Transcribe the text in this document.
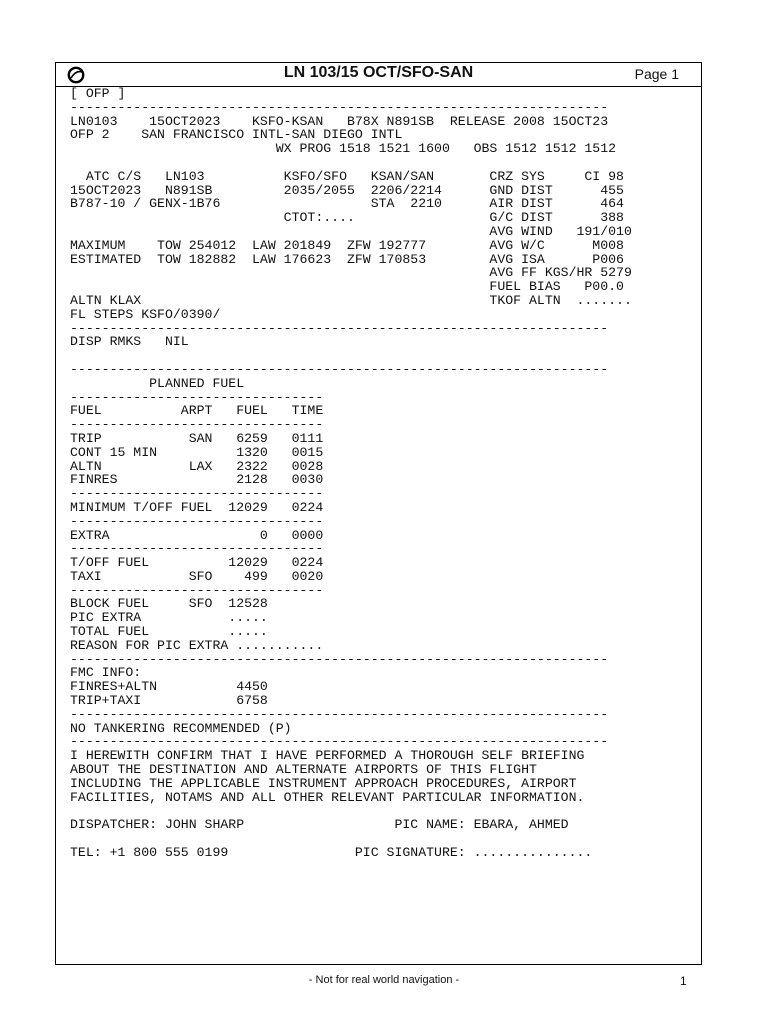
LN 103/15 OCT/SFO-SAN	Page 1
[ OFP ]
--------------------------------------------------------------------
LN0103    15OCT2023    KSFO-KSAN   B78X N891SB  RELEASE 2008 15OCT23
OFP 2    SAN FRANCISCO INTL-SAN DIEGO INTL
WX PROG 1518 1521 1600   OBS 1512 1512 1512
ATC C/S   LN103          KSFO/SFO   KSAN/SAN       CRZ SYS     CI 98
15OCT2023   N891SB         2035/2055  2206/2214      GND DIST      455
B787-10 / GENX-1B76                   STA  2210      AIR DIST      464
CTOT:....                 G/C DIST      388
AVG WIND   191/010
MAXIMUM    TOW 254012  LAW 201849  ZFW 192777        AVG W/C      M008
ESTIMATED  TOW 182882  LAW 176623  ZFW 170853        AVG ISA      P006
AVG FF KGS/HR 5279
FUEL BIAS   P00.0
ALTN KLAX                                            TKOF ALTN  .......
FL STEPS KSFO/0390/
--------------------------------------------------------------------
DISP RMKS   NIL
--------------------------------------------------------------------
PLANNED FUEL
--------------------------------
FUEL          ARPT   FUEL   TIME
--------------------------------
TRIP           SAN   6259   0111
CONT 15 MIN          1320   0015
ALTN           LAX   2322   0028
FINRES               2128   0030
--------------------------------
MINIMUM T/OFF FUEL  12029   0224
--------------------------------
EXTRA                   0   0000
--------------------------------
T/OFF FUEL          12029   0224
TAXI           SFO    499   0020
--------------------------------
BLOCK FUEL     SFO  12528
PIC EXTRA           .....
TOTAL FUEL          .....
REASON FOR PIC EXTRA ...........
--------------------------------------------------------------------
FMC INFO:
FINRES+ALTN          4450
TRIP+TAXI            6758
--------------------------------------------------------------------
NO TANKERING RECOMMENDED (P)
--------------------------------------------------------------------
I HEREWITH CONFIRM THAT I HAVE PERFORMED A THOROUGH SELF BRIEFING
ABOUT THE DESTINATION AND ALTERNATE AIRPORTS OF THIS FLIGHT
INCLUDING THE APPLICABLE INSTRUMENT APPROACH PROCEDURES, AIRPORT
FACILITIES, NOTAMS AND ALL OTHER RELEVANT PARTICULAR INFORMATION.
DISPATCHER: JOHN SHARP                   PIC NAME: EBARA, AHMED
TEL: +1 800 555 0199                PIC SIGNATURE: ...............
- Not for real world navigation -	1
